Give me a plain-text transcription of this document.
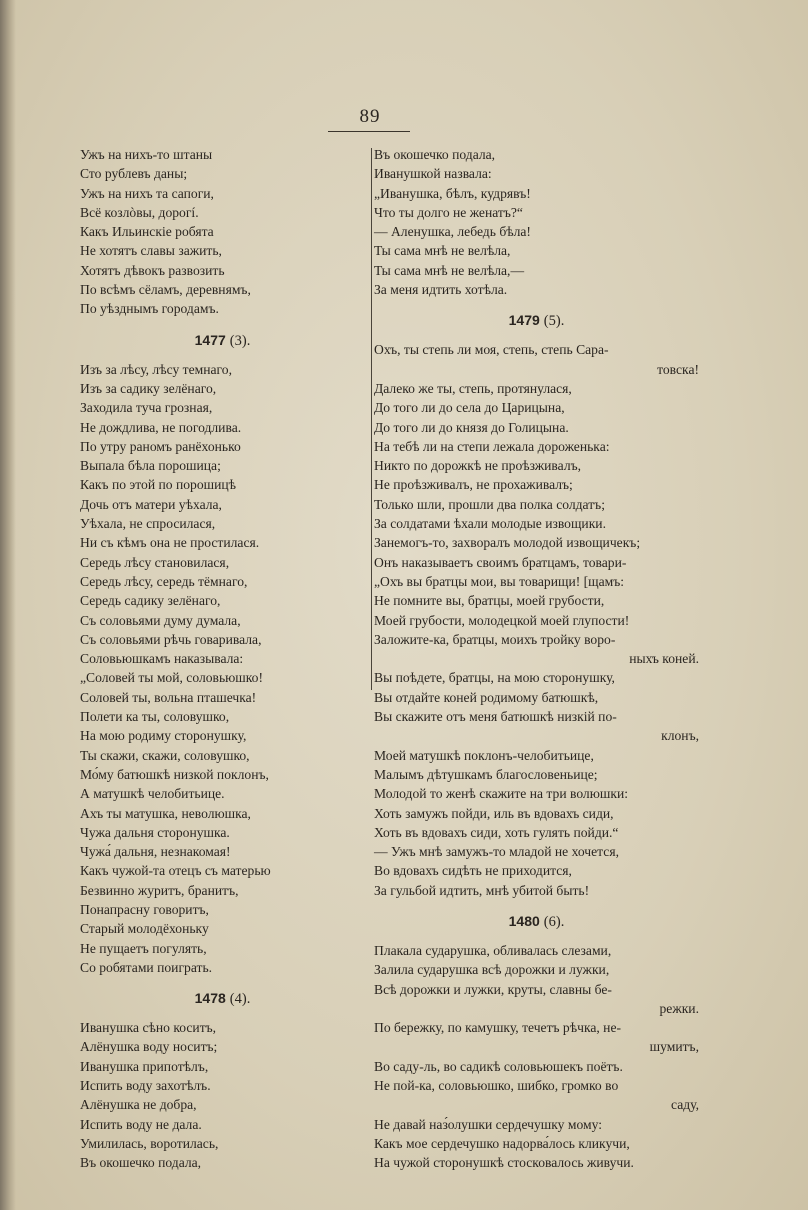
89
Ужъ на нихъ-то штаны
Сто рублевъ даны;
Ужъ на нихъ та сапоги,
Всё козлòвы, дорогí.
Какъ Ильинскіе робята
Не хотятъ славы зажить,
Хотятъ дѣвокъ развозить
По всѣмъ сёламъ, деревнямъ,
По уѣзднымъ городамъ.
1477 (3).
Изъ за лѣсу, лѣсу темнаго,
Изъ за садику зелёнаго,
Заходила туча грозная,
Не дождлива, не погодлива.
По утру раномъ ранёхонько
Выпала бѣла порошица;
Какъ по этой по порошицѣ
Дочь отъ матери уѣхала,
Уѣхала, не спросилася,
Ни съ кѣмъ она не простилася.
Середь лѣсу становилася,
Середь лѣсу, середь тёмнаго,
Середь садику зелёнаго,
Съ соловьями думу думала,
Съ соловьями рѣчь говаривала,
Соловьюшкамъ наказывала:
„Соловей ты мой, соловьюшко!
Соловей ты, вольна пташечка!
Полети ка ты, соловушко,
На мою родиму сторонушку,
Ты скажи, скажи, соловушко,
Мо́му батюшкѣ низкой поклонъ,
А матушкѣ челобитьице.
Ахъ ты матушка, неволюшка,
Чужа дальня сторонушка.
Чужа́ дальня, незнакомая!
Какъ чужой-та отецъ съ матерью
Безвинно журитъ, бранитъ,
Понапрасну говоритъ,
Старый молодёхоньку
Не пущаетъ погулять,
Со робятами поиграть.
1478 (4).
Иванушка сѣно коситъ,
Алёнушка воду носитъ;
Иванушка припотѣлъ,
Испить воду захотѣлъ.
Алёнушка не добра,
Испить воду не дала.
Умилилась, воротилась,
Въ окошечко подала,
Въ окошечко подала,
Иванушкой назвала:
„Иванушка, бѣлъ, кудрявъ!
Что ты долго не женатъ?“
— Аленушка, лебедь бѣла!
Ты сама мнѣ не велѣла,
Ты сама мнѣ не велѣла,—
За меня идтить хотѣла.
1479 (5).
Охъ, ты степь ли моя, степь, степь Сара-
товска!
Далеко же ты, степь, протянулася,
До того ли до села до Царицына,
До того ли до князя до Голицына.
На тебѣ ли на степи лежала дороженька:
Никто по дорожкѣ не проѣзживалъ,
Не проѣзживалъ, не прохаживалъ;
Только шли, прошли два полка солдатъ;
За солдатами ѣхали молодые извощики.
Занемогъ-то, захворалъ молодой извощичекъ;
Онъ наказываетъ своимъ братцамъ, товари-
„Охъ вы братцы мои, вы товарищи! [щамъ:
Не помните вы, братцы, моей грубости,
Моей грубости, молодецкой моей глупости!
Заложите-ка, братцы, моихъ тройку воро-
ныхъ коней.
Вы поѣдете, братцы, на мою сторонушку,
Вы отдайте коней родимому батюшкѣ,
Вы скажите отъ меня батюшкѣ низкій по-
клонъ,
Моей матушкѣ поклонъ-челобитьице,
Малымъ дѣтушкамъ благословеньице;
Молодой то женѣ скажите на три волюшки:
Хоть замужъ пойди, иль въ вдовахъ сиди,
Хоть въ вдовахъ сиди, хоть гулять пойди.“
— Ужъ мнѣ замужъ-то младой не хочется,
Во вдовахъ сидѣть не приходится,
За гульбой идтить, мнѣ убитой быть!
1480 (6).
Плакала сударушка, обливалась слезами,
Залила сударушка всѣ дорожки и лужки,
Всѣ дорожки и лужки, круты, славны бе-
режки.
По бережку, по камушку, течетъ рѣчка, не-
шумитъ,
Во саду-ль, во садикѣ соловьюшекъ поётъ.
Не пой-ка, соловьюшко, шибко, громко во
саду,
Не давай наз́олушки сердечушку мому:
Какъ мое сердечушко надорва́лось кликучи,
На чужой сторонушкѣ стосковалось живучи.
